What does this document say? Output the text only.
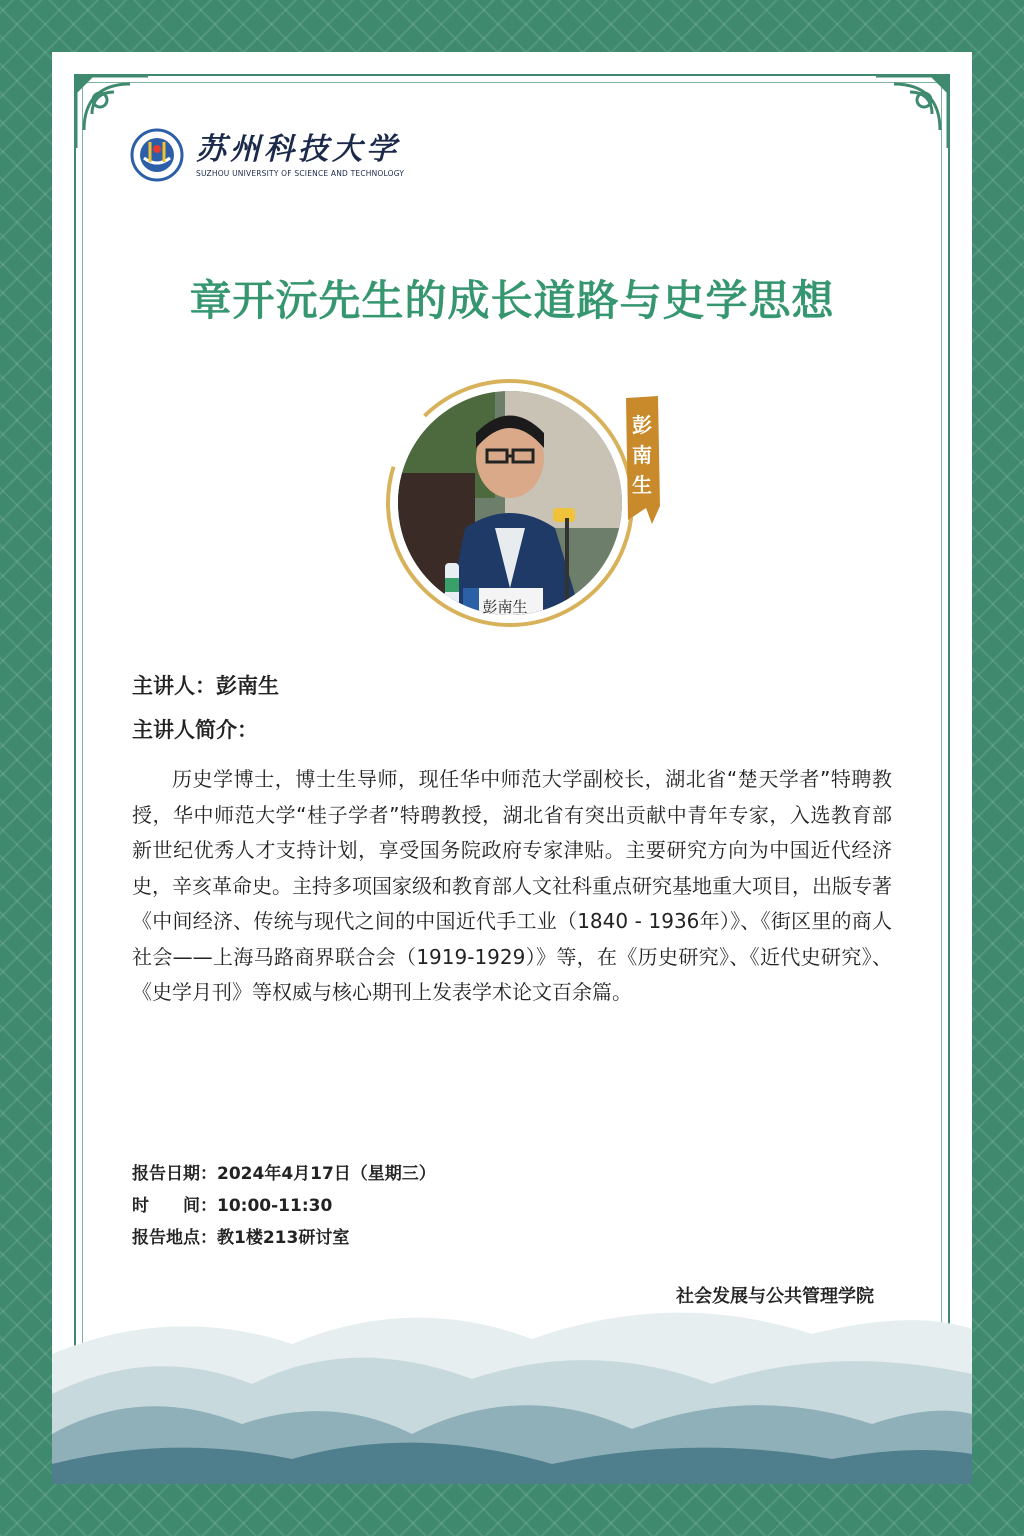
苏州科技大学
SUZHOU UNIVERSITY OF SCIENCE AND TECHNOLOGY
章开沅先生的成长道路与史学思想
彭南生
彭
南
生
主讲人：彭南生
主讲人简介：
历史学博士，博士生导师，现任华中师范大学副校长，湖北省“楚天学者”特聘教授，华中师范大学“桂子学者”特聘教授，湖北省有突出贡献中青年专家，入选教育部新世纪优秀人才支持计划，享受国务院政府专家津贴。主要研究方向为中国近代经济史，辛亥革命史。主持多项国家级和教育部人文社科重点研究基地重大项目，出版专著《中间经济、传统与现代之间的中国近代手工业（1840 - 1936年）》、《街区里的商人社会——上海马路商界联合会（1919-1929）》等，在《历史研究》、《近代史研究》、《史学月刊》等权威与核心期刊上发表学术论文百余篇。
报告日期：2024年4月17日（星期三）
时　　间：10:00-11:30
报告地点：教1楼213研讨室
社会发展与公共管理学院
